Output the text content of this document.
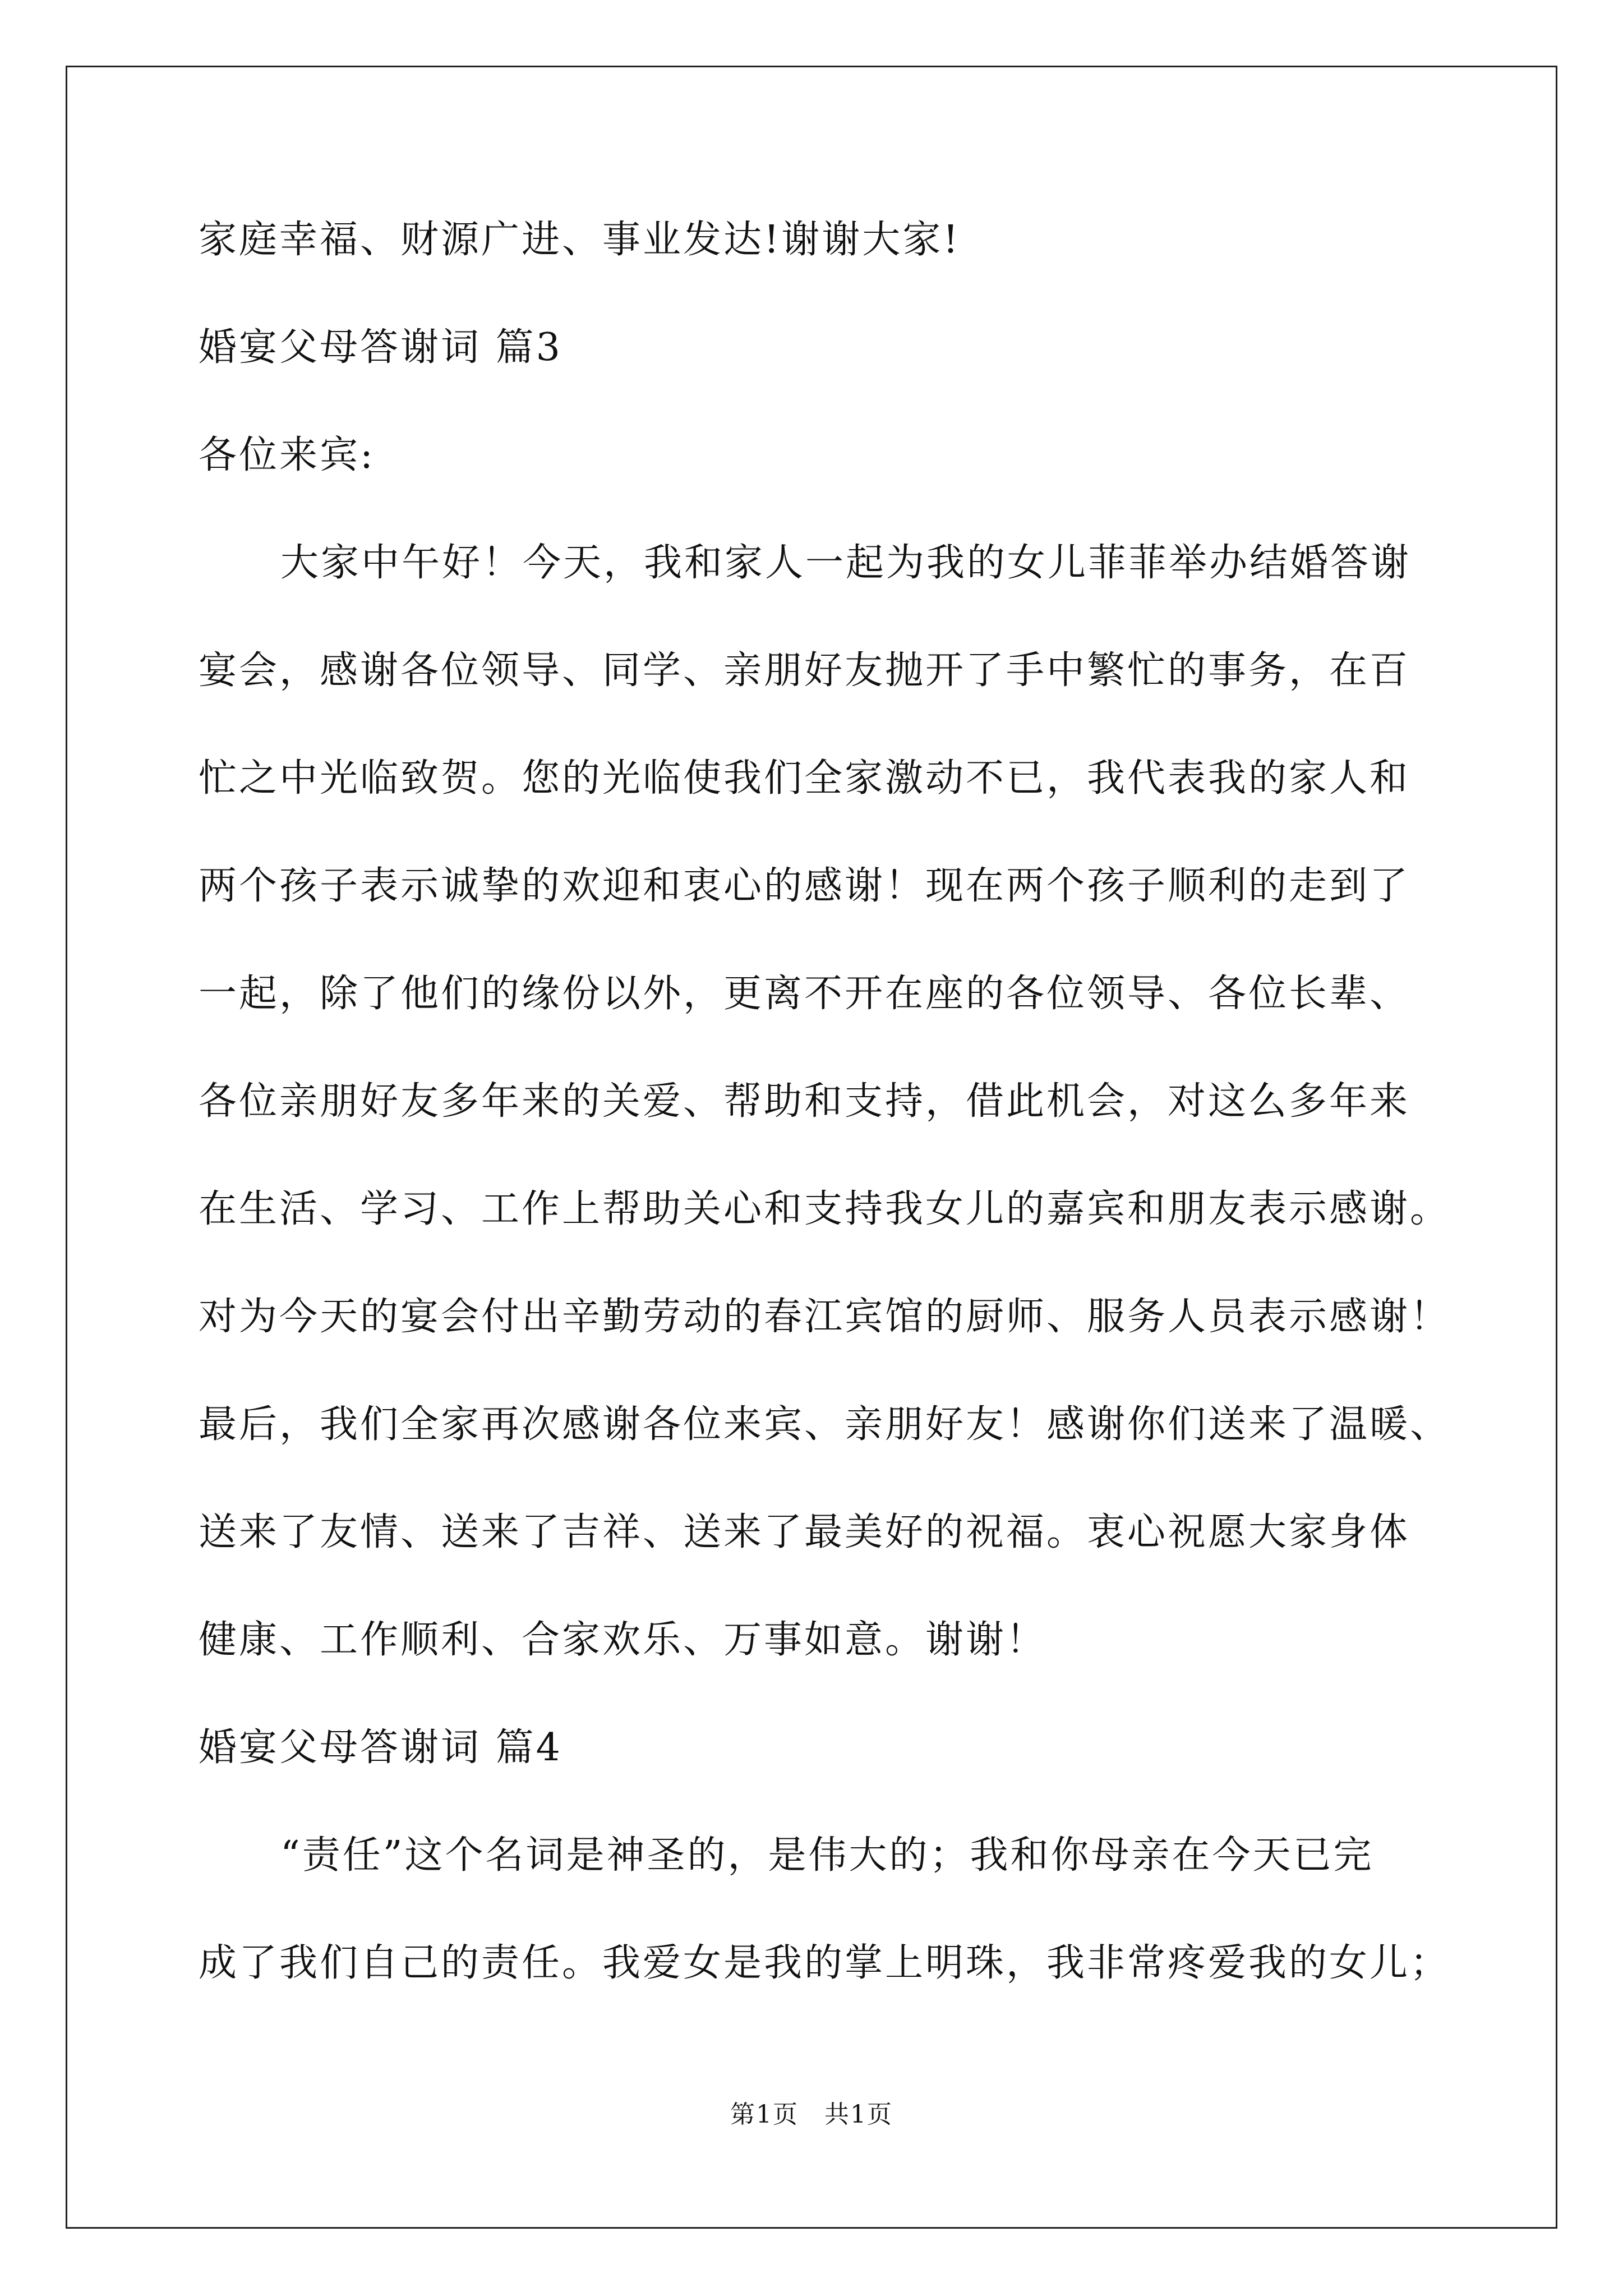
家庭幸福、财源广进、事业发达!谢谢大家!

婚宴父母答谢词 篇3

各位来宾:

大家中午好！今天，我和家人一起为我的女儿菲菲举办结婚答谢

宴会，感谢各位领导、同学、亲朋好友抛开了手中繁忙的事务，在百

忙之中光临致贺。您的光临使我们全家激动不已，我代表我的家人和

两个孩子表示诚挚的欢迎和衷心的感谢！现在两个孩子顺利的走到了

一起，除了他们的缘份以外，更离不开在座的各位领导、各位长辈、

各位亲朋好友多年来的关爱、帮助和支持，借此机会，对这么多年来

在生活、学习、工作上帮助关心和支持我女儿的嘉宾和朋友表示感谢。

对为今天的宴会付出辛勤劳动的春江宾馆的厨师、服务人员表示感谢！

最后，我们全家再次感谢各位来宾、亲朋好友！感谢你们送来了温暖、

送来了友情、送来了吉祥、送来了最美好的祝福。衷心祝愿大家身体

健康、工作顺利、合家欢乐、万事如意。谢谢！

婚宴父母答谢词 篇4

“责任”这个名词是神圣的，是伟大的；我和你母亲在今天已完

成了我们自己的责任。我爱女是我的掌上明珠，我非常疼爱我的女儿；

第1页　共1页
